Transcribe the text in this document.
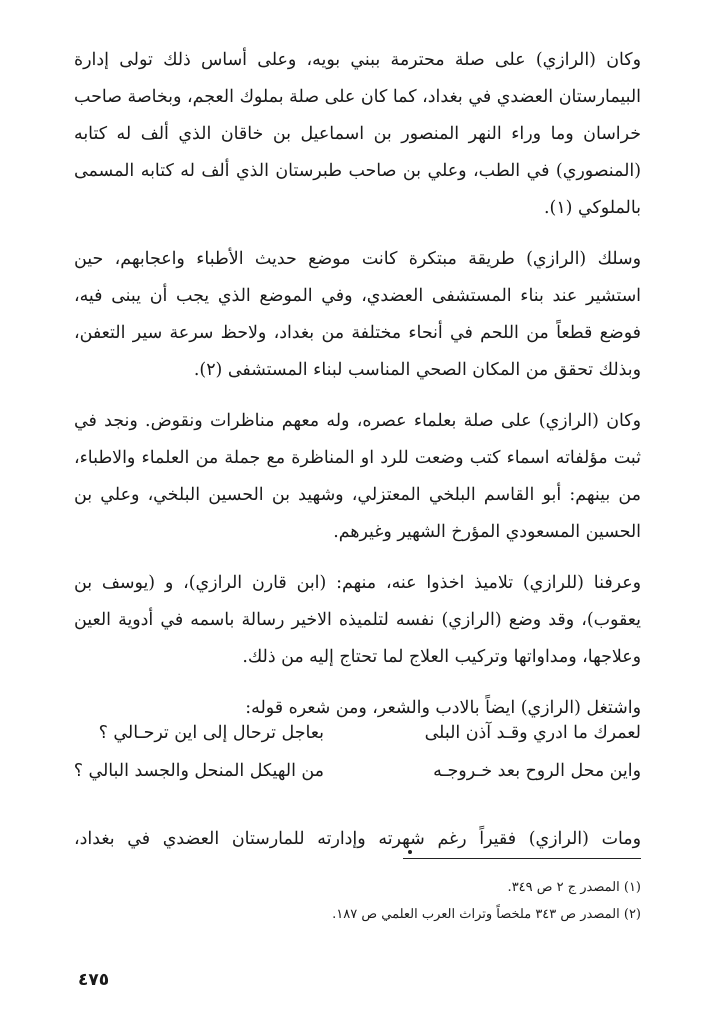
وكان (الرازي) على صلة محترمة ببني بويه، وعلى أساس ذلك تولى إدارة البيمارستان العضدي في بغداد، كما كان على صلة بملوك العجم، وبخاصة صاحب خراسان وما وراء النهر المنصور بن اسماعيل بن خاقان الذي ألف له كتابه (المنصوري) في الطب، وعلي بن صاحب طبرستان الذي ألف له كتابه المسمى بالملوكي (١).

وسلك (الرازي) طريقة مبتكرة كانت موضع حديث الأطباء واعجابهم، حين استشير عند بناء المستشفى العضدي، وفي الموضع الذي يجب أن يبنى فيه، فوضع قطعاً من اللحم في أنحاء مختلفة من بغداد، ولاحظ سرعة سير التعفن، وبذلك تحقق من المكان الصحي المناسب لبناء المستشفى (٢).

وكان (الرازي) على صلة بعلماء عصره، وله معهم مناظرات ونقوض. ونجد في ثبت مؤلفاته اسماء كتب وضعت للرد او المناظرة مع جملة من العلماء والاطباء، من بينهم: أبو القاسم البلخي المعتزلي، وشهيد بن الحسين البلخي، وعلي بن الحسين المسعودي المؤرخ الشهير وغيرهم.

وعرفنا (للرازي) تلاميذ اخذوا عنه، منهم: (ابن قارن الرازي)، و (يوسف بن يعقوب)، وقد وضع (الرازي) نفسه لتلميذه الاخير رسالة باسمه في أدوية العين وعلاجها، ومداواتها وتركيب العلاج لما تحتاج إليه من ذلك.

واشتغل (الرازي) ايضاً بالادب والشعر، ومن شعره قوله:

لعمرك ما ادري وقـد آذن البلى
بعاجل ترحال إلى اين ترحـالي ؟
واين محل الروح بعد خـروجـه
من الهيكل المنحل والجسد البالي ؟

ومات (الرازي) فقيراً رغم شهرته وإدارته للمارستان العضدي في بغداد،

(١) المصدر ج ٢ ص ٣٤٩.

(٢) المصدر ص ٣٤٣ ملخصاً وتراث العرب العلمي ص ١٨٧.

٤٧٥
